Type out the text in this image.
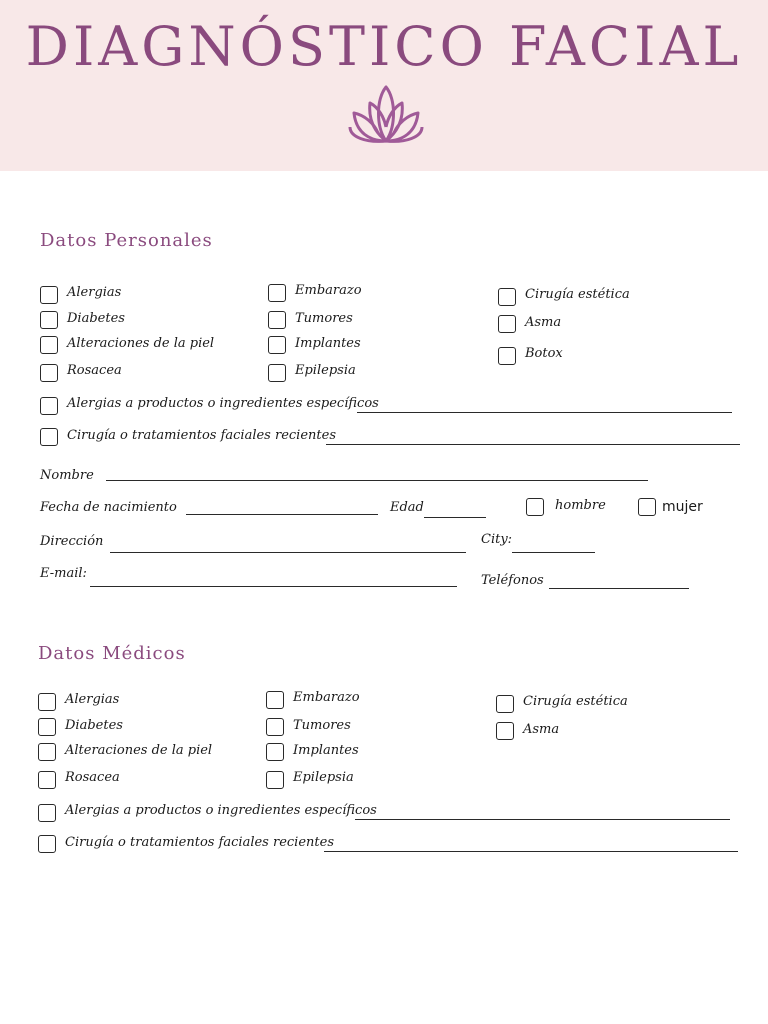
DIAGNÓSTICO FACIAL
Datos Personales
Alergias
Diabetes
Alteraciones de la piel
Rosacea
Embarazo
Tumores
Implantes
Epilepsia
Cirugía estética
Asma
Botox
Alergias a productos o ingredientes específicos
Cirugía o tratamientos faciales recientes
Nombre
Fecha de nacimiento	Edad	hombre	mujer
Dirección	City:
E-mail:	Teléfonos
Datos Médicos
Alergias
Diabetes
Alteraciones de la piel
Rosacea
Embarazo
Tumores
Implantes
Epilepsia
Cirugía estética
Asma
Alergias a productos o ingredientes específicos
Cirugía o tratamientos faciales recientes
